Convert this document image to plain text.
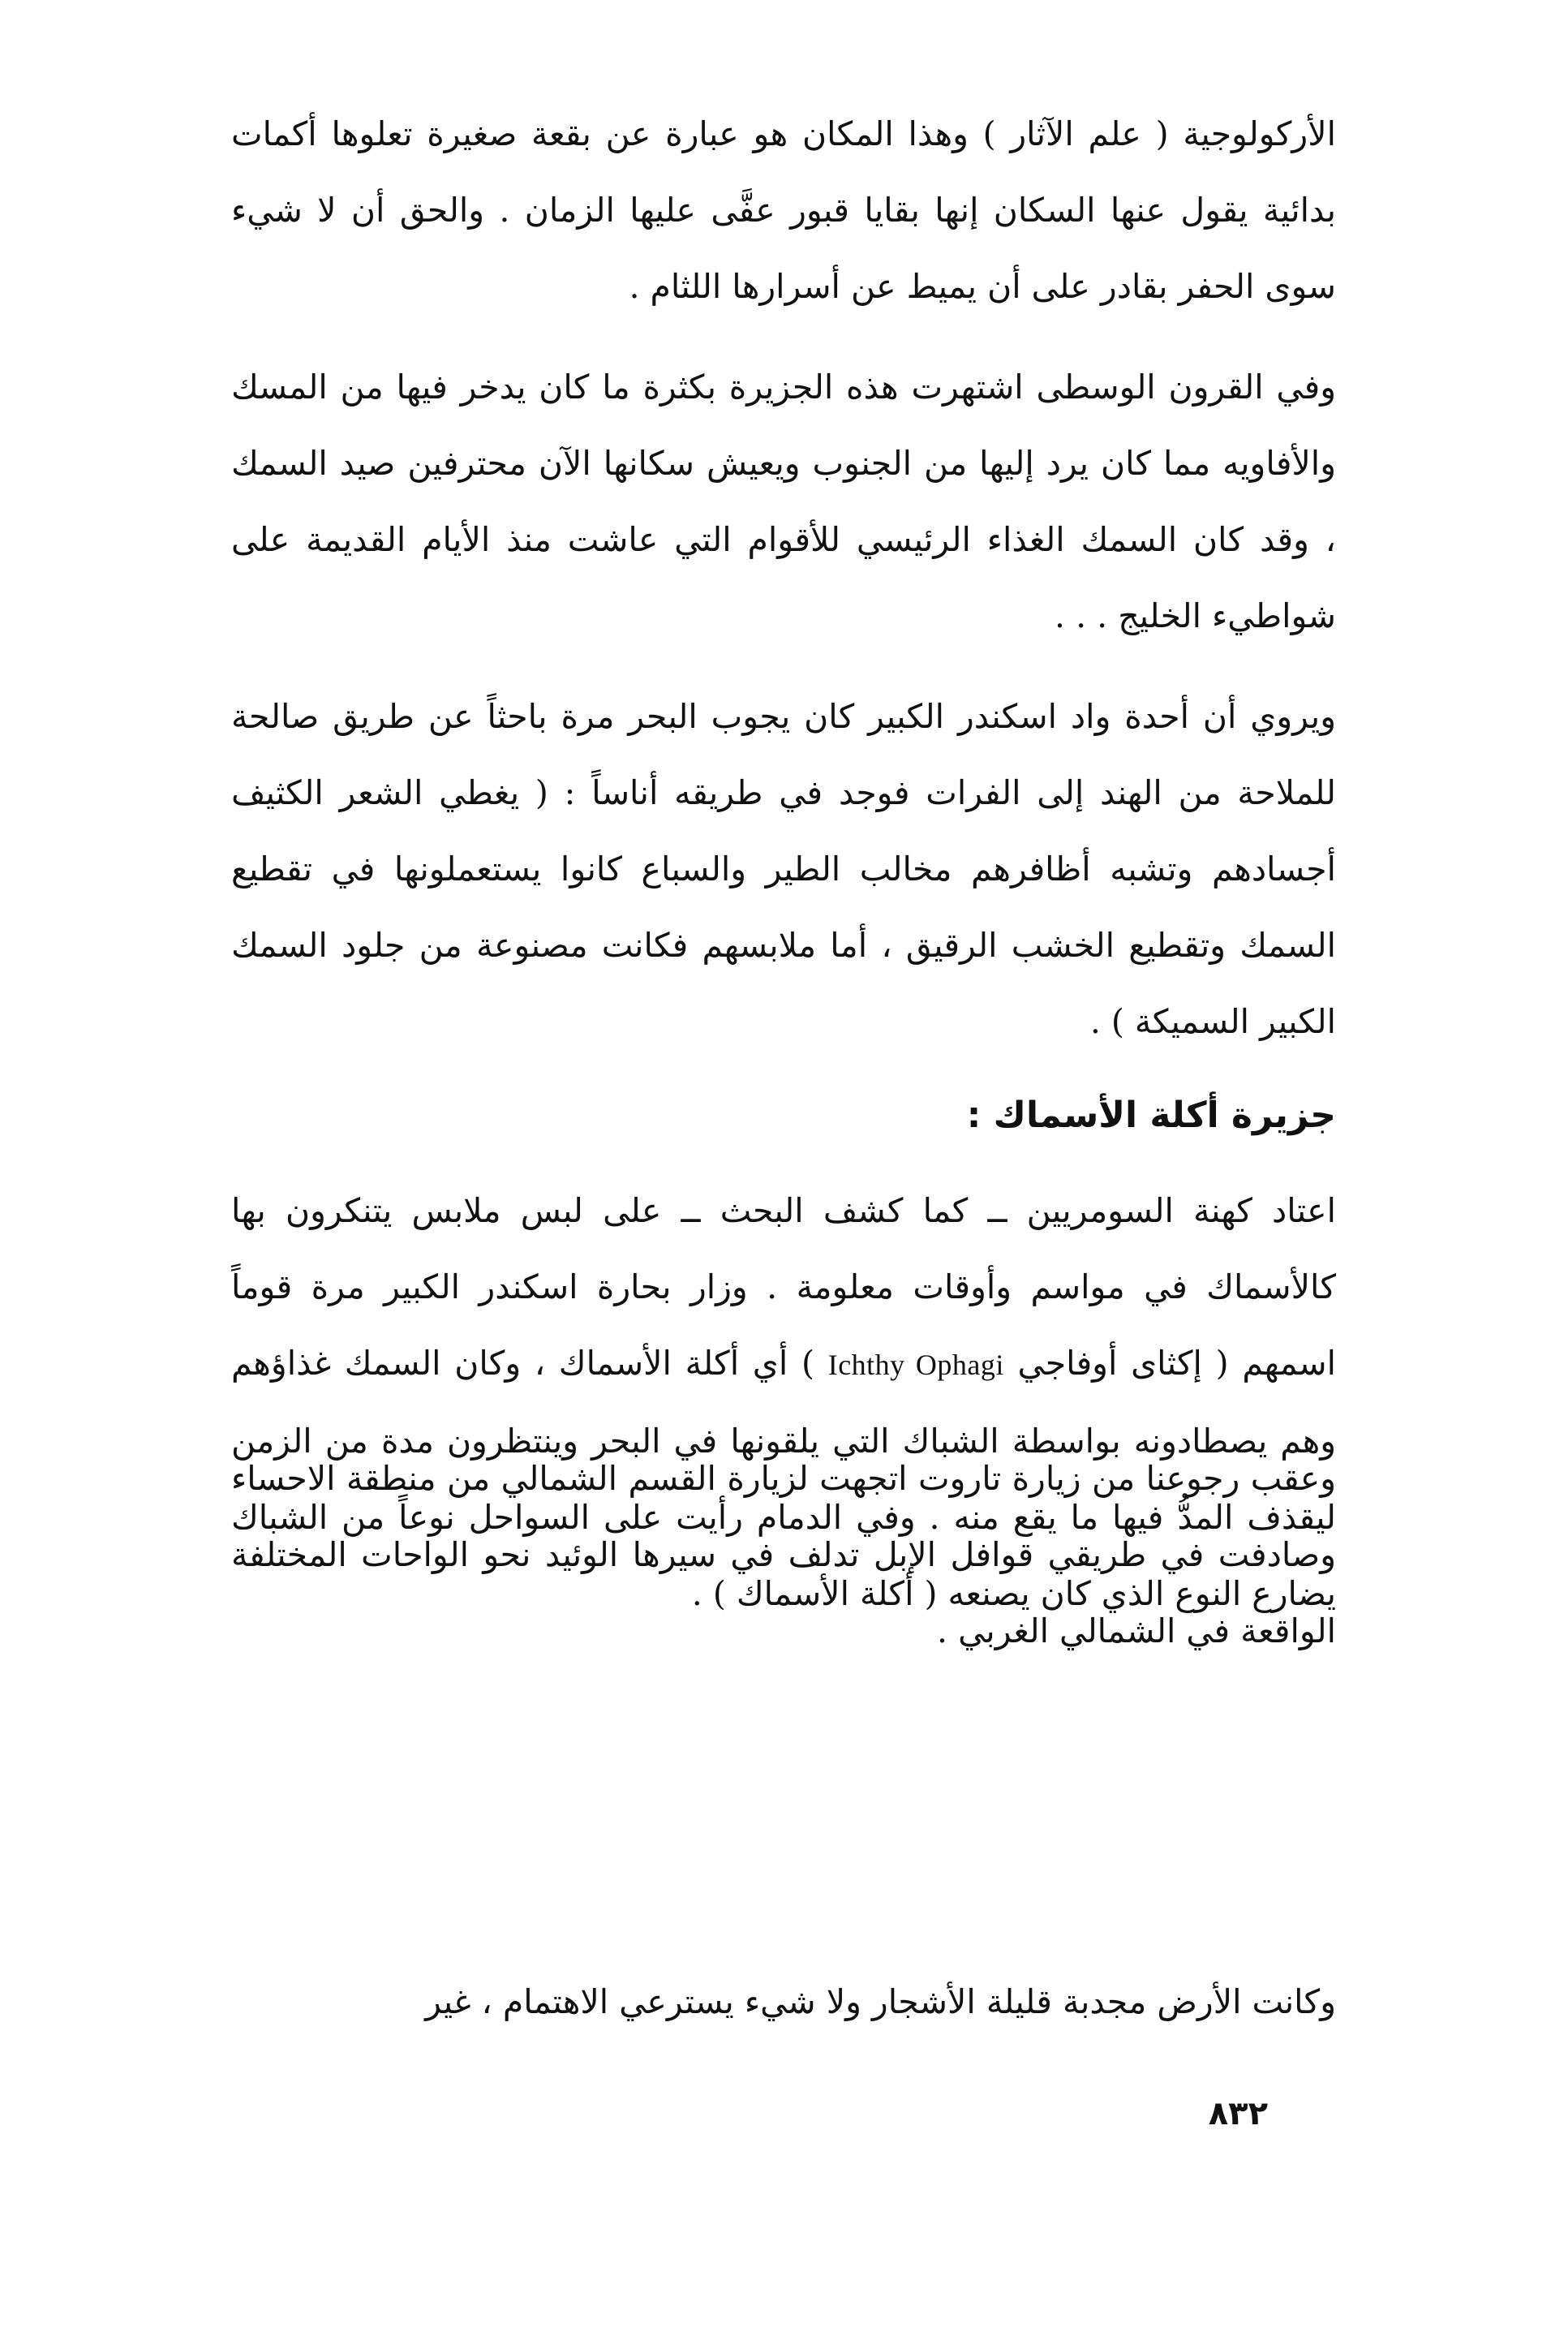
الأركولوجية ( علم الآثار ) وهذا المكان هو عبارة عن بقعة صغيرة تعلوها أكمات بدائية يقول عنها السكان إنها بقايا قبور عفَّى عليها الزمان . والحق أن لا شيء سوى الحفر بقادر على أن يميط عن أسرارها اللثام .

وفي القرون الوسطى اشتهرت هذه الجزيرة بكثرة ما كان يدخر فيها من المسك والأفاويه مما كان يرد إليها من الجنوب ويعيش سكانها الآن محترفين صيد السمك ، وقد كان السمك الغذاء الرئيسي للأقوام التي عاشت منذ الأيام القديمة على شواطيء الخليج . . .

ويروي أن أحدة واد اسكندر الكبير كان يجوب البحر مرة باحثاً عن طريق صالحة للملاحة من الهند إلى الفرات فوجد في طريقه أناساً : ( يغطي الشعر الكثيف أجسادهم وتشبه أظافرهم مخالب الطير والسباع كانوا يستعملونها في تقطيع السمك وتقطيع الخشب الرقيق ، أما ملابسهم فكانت مصنوعة من جلود السمك الكبير السميكة ) .

جزيرة أكلة الأسماك :

اعتاد كهنة السومريين ــ كما كشف البحث ــ على لبس ملابس يتنكرون بها كالأسماك في مواسم وأوقات معلومة . وزار بحارة اسكندر الكبير مرة قوماً اسمهم ( إكثاى أوفاجي Ichthy Ophagi ) أي أكلة الأسماك ، وكان السمك غذاؤهم وهم يصطادونه بواسطة الشباك التي يلقونها في البحر وينتظرون مدة من الزمن ليقذف المدُّ فيها ما يقع منه . وفي الدمام رأيت على السواحل نوعاً من الشباك يضارع النوع الذي كان يصنعه ( أكلة الأسماك ) .

وعقب رجوعنا من زيارة تاروت اتجهت لزيارة القسم الشمالي من منطقة الاحساء وصادفت في طريقي قوافل الإبل تدلف في سيرها الوئيد نحو الواحات المختلفة الواقعة في الشمالي الغربي .

وكانت الأرض مجدبة قليلة الأشجار ولا شيء يسترعي الاهتمام ، غير

٨٣٢
